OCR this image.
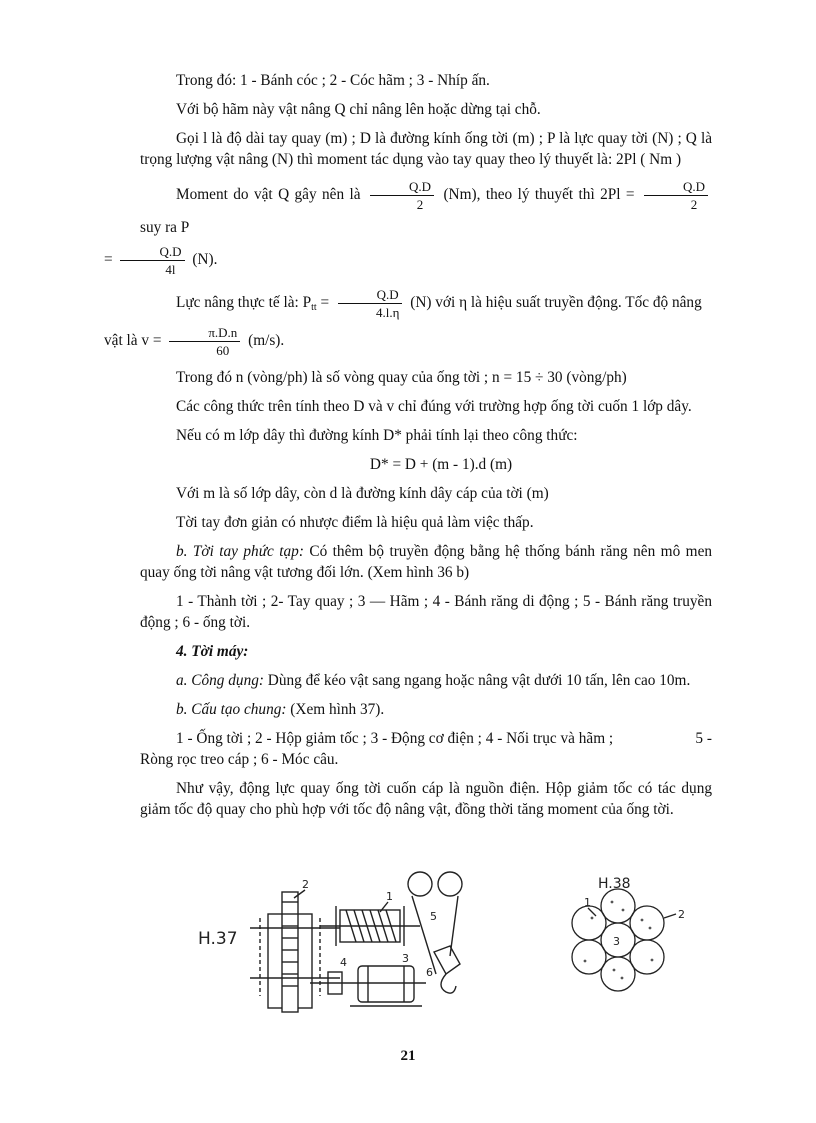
Trong đó: 1 - Bánh cóc ; 2 - Cóc hãm ; 3 - Nhíp ấn.

Với bộ hãm này vật nâng Q chỉ nâng lên hoặc dừng tại chỗ.

Gọi l là độ dài tay quay (m) ; D là đường kính ống tời (m) ; P là lực quay tời (N) ; Q là trọng lượng vật nâng (N) thì moment tác dụng vào tay quay theo lý thuyết là: 2Pl ( Nm )

Moment do vật Q gây nên là $\frac{Q.D}{2} (Nm)$, theo lý thuyết thì $2Pl = \frac{Q.D}{2}$
suy ra P
= $\frac{Q.D}{4l} (N)$.

Lực nâng thực tế là: $P_{tt} = \frac{Q.D}{4.l.\eta} (N)$ với η là hiệu suất truyền động. Tốc độ nâng
vật là $v = \frac{\pi.D.n}{60} (m/s)$.

Trong đó n (vòng/ph) là số vòng quay của ống tời ; n = 15 ÷ 30 (vòng/ph)

Các công thức trên tính theo D và v chỉ đúng với trường hợp ống tời cuốn 1 lớp dây.

Nếu có m lớp dây thì đường kính D* phải tính lại theo công thức:

D* = D + (m - 1).d (m)

Với m là số lớp dây, còn d là đường kính dây cáp của tời (m)

Tời tay đơn giản có nhược điểm là hiệu quả làm việc thấp.

b. Tời tay phức tạp: Có thêm bộ truyền động bằng hệ thống bánh răng nên mô men quay ống tời nâng vật tương đối lớn. (Xem hình 36 b)

1 - Thành tời ; 2- Tay quay ; 3 — Hãm ; 4 - Bánh răng di động ; 5 - Bánh răng truyền động ; 6 - ống tời.

4. Tời máy:

a. Công dụng: Dùng để kéo vật sang ngang hoặc nâng vật dưới 10 tấn, lên cao 10m.

b. Cấu tạo chung: (Xem hình 37).

1 - Ống tời ; 2 - Hộp giảm tốc ; 3 - Động cơ điện ; 4 - Nối trục và hãm ;	5 -
Ròng rọc treo cáp ; 6 - Móc câu.

Như vậy, động lực quay ống tời cuốn cáp là nguồn điện. Hộp giảm tốc có tác dụng giảm tốc độ quay cho phù hợp với tốc độ nâng vật, đồng thời tăng moment của ống tời.

H.37
2
1
5
6
4	3
H.38
1
2
3
21
